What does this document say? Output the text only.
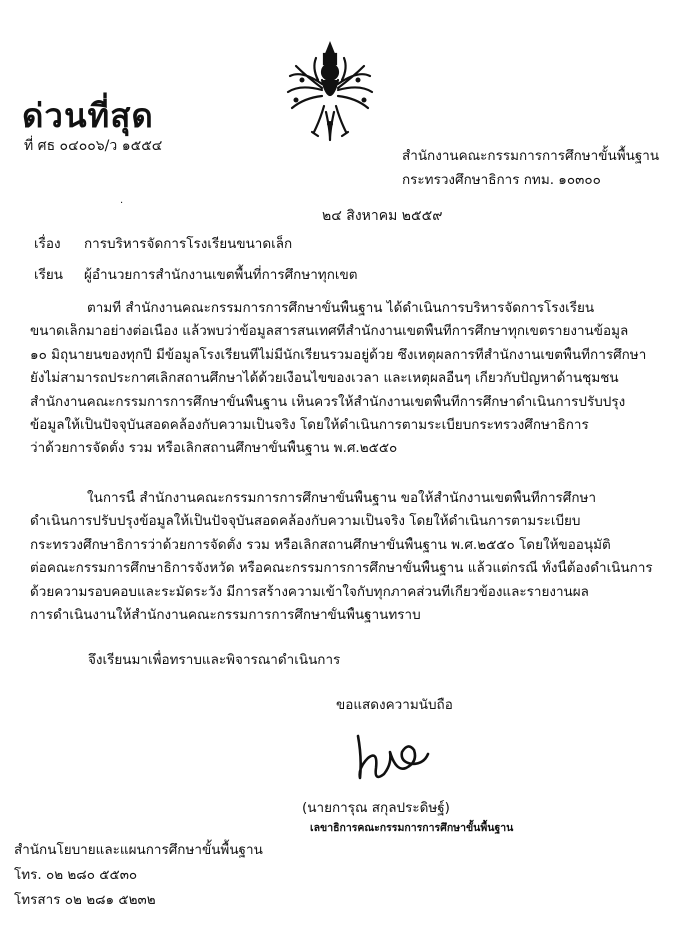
ด่วนที่สุด
ที่ ศธ ๐๔๐๐๖/ว ๑๕๕๔
สำนักงานคณะกรรมการการศึกษาขั้นพื้นฐาน
กระทรวงศึกษาธิการ กทม. ๑๐๓๐๐
·
๒๔ สิงหาคม ๒๕๕๙
เรื่อง การบริหารจัดการโรงเรียนขนาดเล็ก
เรียน ผู้อำนวยการสำนักงานเขตพื้นที่การศึกษาทุกเขต
ตามที่ สำนักงานคณะกรรมการการศึกษาขั้นพื้นฐาน ได้ดำเนินการบริหารจัดการโรงเรียน
ขนาดเล็กมาอย่างต่อเนื่อง แล้วพบว่าข้อมูลสารสนเทศที่สำนักงานเขตพื้นที่การศึกษาทุกเขตรายงานข้อมูล
๑๐ มิถุนายนของทุกปี มีข้อมูลโรงเรียนที่ไม่มีนักเรียนรวมอยู่ด้วย ซึ่งเหตุผลการที่สำนักงานเขตพื้นที่การศึกษา
ยังไม่สามารถประกาศเลิกสถานศึกษาได้ด้วยเงื่อนไขของเวลา และเหตุผลอื่นๆ เกี่ยวกับปัญหาด้านชุมชน
สำนักงานคณะกรรมการการศึกษาขั้นพื้นฐาน เห็นควรให้สำนักงานเขตพื้นที่การศึกษาดำเนินการปรับปรุง
ข้อมูลให้เป็นปัจจุบันสอดคล้องกับความเป็นจริง โดยให้ดำเนินการตามระเบียบกระทรวงศึกษาธิการ
ว่าด้วยการจัดตั้ง รวม หรือเลิกสถานศึกษาขั้นพื้นฐาน พ.ศ.๒๕๕๐
ในการนี้ สำนักงานคณะกรรมการการศึกษาขั้นพื้นฐาน ขอให้สำนักงานเขตพื้นที่การศึกษา
ดำเนินการปรับปรุงข้อมูลให้เป็นปัจจุบันสอดคล้องกับความเป็นจริง โดยให้ดำเนินการตามระเบียบ
กระทรวงศึกษาธิการว่าด้วยการจัดตั้ง รวม หรือเลิกสถานศึกษาขั้นพื้นฐาน พ.ศ.๒๕๕๐ โดยให้ขออนุมัติ
ต่อคณะกรรมการศึกษาธิการจังหวัด หรือคณะกรรมการการศึกษาขั้นพื้นฐาน แล้วแต่กรณี ทั้งนี้ต้องดำเนินการ
ด้วยความรอบคอบและระมัดระวัง มีการสร้างความเข้าใจกับทุกภาคส่วนที่เกี่ยวข้องและรายงานผล
การดำเนินงานให้สำนักงานคณะกรรมการการศึกษาขั้นพื้นฐานทราบ
จึงเรียนมาเพื่อทราบและพิจารณาดำเนินการ
ขอแสดงความนับถือ
(นายการุณ สกุลประดิษฐ์)
เลขาธิการคณะกรรมการการศึกษาขั้นพื้นฐาน
สำนักนโยบายและแผนการศึกษาขั้นพื้นฐาน
โทร. ๐๒ ๒๘๐ ๕๕๓๐
โทรสาร ๐๒ ๒๘๑ ๕๒๓๒
